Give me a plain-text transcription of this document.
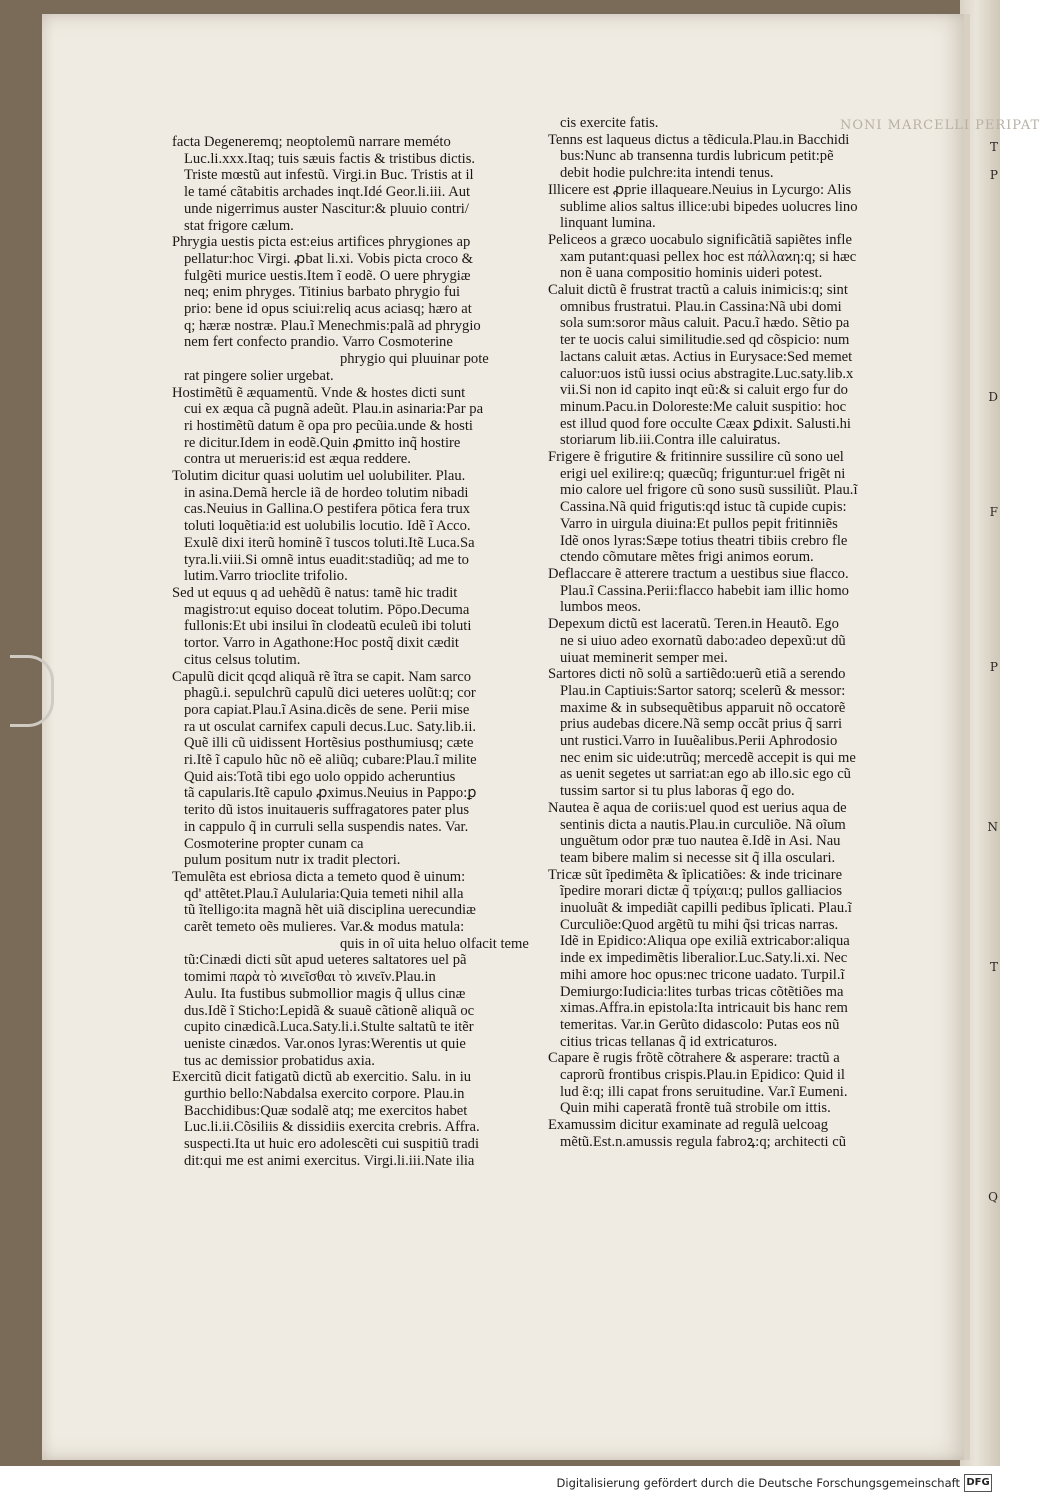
T
P
D
F
P
N
T
Q
NONI MARCELLI PERIPAT
facta Degeneremq; neoptolemũ narrare meméto
Luc.li.xxx.Itaq; tuis sæuis factis & tristibus dictis.
Triste mœstũ aut infestũ. Virgi.in Buc. Tristis at il
le tamé cãtabitis archades inqt.Idé Geor.li.iii. Aut
unde nigerrimus auster Nascitur:& pluuio contri/
stat frigore cælum.
Phrygia uestis picta est:eius artifices phrygiones ap
pellatur:hoc Virgi. ꝓbat li.xi. Vobis picta croco &
fulgẽti murice uestis.Item ĩ eodẽ. O uere phrygiæ
neq; enim phryges. Titinius barbato phrygio fui
prio: bene id opus sciui:reliq acus aciasq; hæro at
q; hæræ nostræ. Plau.ĩ Menechmis:palã ad phrygio
nem fert confecto prandio. Varro Cosmoterine
phrygio qui pluuinar pote
rat pingere solier urgebat.
Hostimẽtũ ẽ æquamentũ. Vnde & hostes dicti sunt
cui ex æqua cã pugnã adeũt. Plau.in asinaria:Par pa
ri hostimẽtũ datum ẽ opa pro pecũia.unde & hosti
re dicitur.Idem in eodẽ.Quin ꝓmitto inq̃ hostire
contra ut merueris:id est æqua reddere.
Tolutim dicitur quasi uolutim uel uolubiliter. Plau.
in asina.Demã hercle iã de hordeo tolutim nibadi
cas.Neuius in Gallina.O pestifera pōtica fera trux
toluti loquẽtia:id est uolubilis locutio. Idẽ ĩ Acco.
Exulẽ dixi iterũ hominẽ ĩ tuscos toluti.Itẽ Luca.Sa
tyra.li.viii.Si omnẽ intus euadit:stadiũq; ad me to
lutim.Varro trioclite trifolio.
Sed ut equus q ad uehẽdũ ẽ natus: tamẽ hic tradit
magistro:ut equiso doceat tolutim. Pōpo.Decuma
fullonis:Et ubi insilui ĩn clodeatũ eculeũ ibi toluti
tortor. Varro in Agathone:Hoc postq̃ dixit cædit
citus celsus tolutim.
Capulũ dicit qcqd aliquã rẽ ĩtra se capit. Nam sarco
phagũ.i. sepulchrũ capulũ dici ueteres uolũt:q; cor
pora capiat.Plau.ĩ Asina.dicẽs de sene. Perii mise
ra ut osculat carnifex capuli decus.Luc. Saty.lib.ii.
Quẽ illi cũ uidissent Hortẽsius posthumiusq; cæte
ri.Itẽ ĩ capulo hũc nõ eẽ aliũq; cubare:Plau.ĩ milite
Quid ais:Totã tibi ego uolo oppido acheruntius
tã capularis.Itẽ capulo ꝓximus.Neuius in Pappo:ꝑ
terito dũ istos inuitaueris suffragatores pater plus
in cappulo q̃ in curruli sella suspendis nates. Var.
Cosmoterine propter cunam ca
pulum positum nutr ix tradit plectori.
Temulẽta est ebriosa dicta a temeto quod ẽ uinum:
qd' attẽtet.Plau.ĩ Aulularia:Quia temeti nihil alla
tũ ĩtelligo:ita magnã hẽt uiã disciplina uerecundiæ
carẽt temeto oẽs mulieres. Var.& modus matula:
quis in oĩ uita heluo olfacit teme
tũ:Cinædi dicti sũt apud ueteres saltatores uel pã
tomimi παρὰ τὸ ϰινεῖσθαι τὸ ϰινεῖν.Plau.in
Aulu. Ita fustibus submollior magis q̃ ullus cinæ
dus.Idẽ ĩ Sticho:Lepidã & suauẽ cãtionẽ aliquã oc
cupito cinædicã.Luca.Saty.li.i.Stulte saltatũ te itẽr
ueniste cinædos. Var.onos lyras:Werentis ut quie
tus ac demissior probatidus axia.
Exercitũ dicit fatigatũ dictũ ab exercitio. Salu. in iu
gurthio bello:Nabdalsa exercito corpore. Plau.in
Bacchidibus:Quæ sodalẽ atq; me exercitos habet
Luc.li.ii.Cõsiliis & dissidiis exercita crebris. Affra.
suspecti.Ita ut huic ero adolescẽti cui suspitiũ tradi
dit:qui me est animi exercitus. Virgi.li.iii.Nate ilia
cis exercite fatis.
Tenns est laqueus dictus a tẽdicula.Plau.in Bacchidi
bus:Nunc ab transenna turdis lubricum petit:pẽ
debit hodie pulchre:ita intendi tenus.
Illicere est ꝓprie illaqueare.Neuius in Lycurgo: Alis
sublime alios saltus illice:ubi bipedes uolucres lino
linquant lumina.
Peliceos a græco uocabulo significãtiã sapiẽtes infle
xam putant:quasi pellex hoc est πάλλαϰη:q; si hæc
non ẽ uana compositio hominis uideri potest.
Caluit dictũ ẽ frustrat tractũ a caluis inimicis:q; sint
omnibus frustratui. Plau.in Cassina:Nã ubi domi
sola sum:soror mãus caluit. Pacu.ĩ hædo. Sẽtio pa
ter te uocis calui similitudie.sed qd cõspicio: num
lactans caluit ætas. Actius in Eurysace:Sed memet
caluor:uos istũ iussi ocius abstragite.Luc.saty.lib.x
vii.Si non id capito inqt eũ:& si caluit ergo fur do
minum.Pacu.in Doloreste:Me caluit suspitio: hoc
est illud quod fore occulte Cæax ꝑdixit. Salusti.hi
storiarum lib.iii.Contra ille caluiratus.
Frigere ẽ frigutire & fritinnire sussilire cũ sono uel
erigi uel exilire:q; quæcũq; friguntur:uel frigẽt ni
mio calore uel frigore cũ sono susũ sussiliũt. Plau.ĩ
Cassina.Nã quid frigutis:qd istuc tã cupide cupis:
Varro in uirgula diuina:Et pullos pepit fritinniẽs
Idẽ onos lyras:Sæpe totius theatri tibiis crebro fle
ctendo cõmutare mẽtes frigi animos eorum.
Deflaccare ẽ atterere tractum a uestibus siue flacco.
Plau.ĩ Cassina.Perii:flacco habebit iam illic homo
lumbos meos.
Depexum dictũ est laceratũ. Teren.in Heautõ. Ego
ne si uiuo adeo exornatũ dabo:adeo depexũ:ut dũ
uiuat meminerit semper mei.
Sartores dicti nõ solũ a sartiẽdo:uerũ etiã a serendo
Plau.in Captiuis:Sartor satorq; scelerũ & messor:
maxime & in subsequẽtibus apparuit nõ occatorẽ
prius audebas dicere.Nã semp occãt prius q̃ sarri
unt rustici.Varro in Iuuẽalibus.Perii Aphrodosio
nec enim sic uide:utrũq; mercedẽ accepit is qui me
as uenit segetes ut sarriat:an ego ab illo.sic ego cũ
tussim sartor si tu plus laboras q̃ ego do.
Nautea ẽ aqua de coriis:uel quod est uerius aqua de
sentinis dicta a nautis.Plau.in curculiõe. Nã oĩum
unguẽtum odor præ tuo nautea ẽ.Idẽ in Asi. Nau
team bibere malim si necesse sit q̃ illa osculari.
Tricæ sũt ĩpedimẽta & ĩplicatiões: & inde tricinare
ĩpedire morari dictæ q̃ τρίχαι:q; pullos galliacios
inuoluãt & impediãt capilli pedibus ĩplicati. Plau.ĩ
Curculiõe:Quod argẽtũ tu mihi q̃si tricas narras.
Idẽ in Epidico:Aliqua ope exiliã extricabor:aliqua
inde ex impedimẽtis liberalior.Luc.Saty.li.xi. Nec
mihi amore hoc opus:nec tricone uadato. Turpil.ĩ
Demiurgo:Iudicia:lites turbas tricas cõtẽtiões ma
ximas.Affra.in epistola:Ita intricauit bis hanc rem
temeritas. Var.in Gerũto didascolo: Putas eos nũ
citius tricas tellanas q̃ id extricaturos.
Capare ẽ rugis frõtẽ cõtrahere & asperare: tractũ a
caprorũ frontibus crispis.Plau.in Epidico: Quid il
lud ẽ:q; illi capat frons seruitudine. Var.ĩ Eumeni.
Quin mihi caperatã frontẽ tuã strobile om ittis.
Examussim dicitur examinate ad regulã uelcoag
mẽtũ.Est.n.amussis regula fabroꝝ:q; architecti cũ
Digitalisierung gefördert durch die Deutsche Forschungsgemeinschaft DFG
